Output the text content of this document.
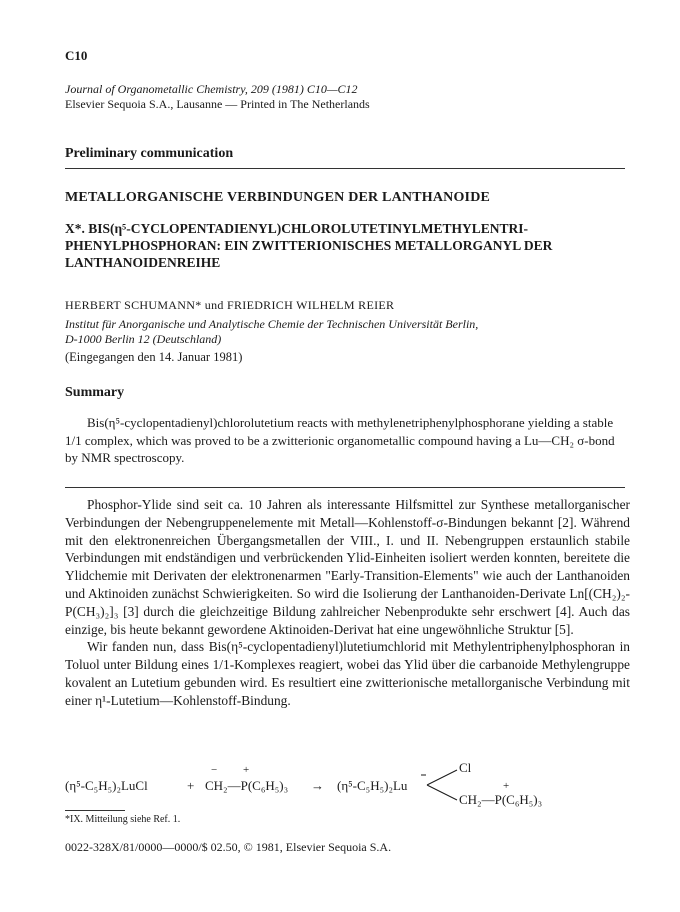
C10
Journal of Organometallic Chemistry, 209 (1981) C10—C12
Elsevier Sequoia S.A., Lausanne — Printed in The Netherlands
Preliminary communication
METALLORGANISCHE VERBINDUNGEN DER LANTHANOIDE
X*. BIS(η⁵-CYCLOPENTADIENYL)CHLOROLUTETINYLMETHYLENTRI-PHENYLPHOSPHORAN: EIN ZWITTERIONISCHES METALLORGANYL DER LANTHANOIDENREIHE
HERBERT SCHUMANN* und FRIEDRICH WILHELM REIER
Institut für Anorganische und Analytische Chemie der Technischen Universität Berlin,
D-1000 Berlin 12 (Deutschland)
(Eingegangen den 14. Januar 1981)
Summary

Bis(η⁵-cyclopentadienyl)chlorolutetium reacts with methylenetriphenylphosphorane yielding a stable 1/1 complex, which was proved to be a zwitterionic organometallic compound having a Lu—CH₂ σ-bond by NMR spectroscopy.

Phosphor-Ylide sind seit ca. 10 Jahren als interessante Hilfsmittel zur Synthese metallorganischer Verbindungen der Nebengruppenelemente mit Metall—Kohlenstoff-σ-Bindungen bekannt [2]. Während mit den elektronenreichen Übergangsmetallen der VIII., I. und II. Nebengruppen erstaunlich stabile Verbindungen mit endständigen und verbrückenden Ylid-Einheiten isoliert werden konnten, bereitete die Ylidchemie mit Derivaten der elektronenarmen "Early-Transition-Elements" wie auch der Lanthanoiden und Aktinoiden zunächst Schwierigkeiten. So wird die Isolierung der Lanthanoiden-Derivate Ln[(CH₂)₂-P(CH₃)₂]₃ [3] durch die gleichzeitige Bildung zahlreicher Nebenprodukte sehr erschwert [4]. Auch das einzige, bis heute bekannt gewordene Aktinoiden-Derivat hat eine ungewöhnliche Struktur [5].

Wir fanden nun, dass Bis(η⁵-cyclopentadienyl)lutetiumchlorid mit Methylentriphenylphosphoran in Toluol unter Bildung eines 1/1-Komplexes reagiert, wobei das Ylid über die carbanoide Methylengruppe kovalent an Lutetium gebunden wird. Es resultiert eine zwitterionische metallorganische Verbindung mit einer η¹-Lutetium—Kohlenstoff-Bindung.

(η⁵-C₅H₅)₂LuCl	+ CH₂—P(C₆H₅)₃
− +
→ (η⁵-C₅H₅)₂Lu
Cl
CH₂—P(C₆H₅)₃
+
*IX. Mitteilung siehe Ref. 1.
0022-328X/81/0000—0000/$ 02.50, © 1981, Elsevier Sequoia S.A.
